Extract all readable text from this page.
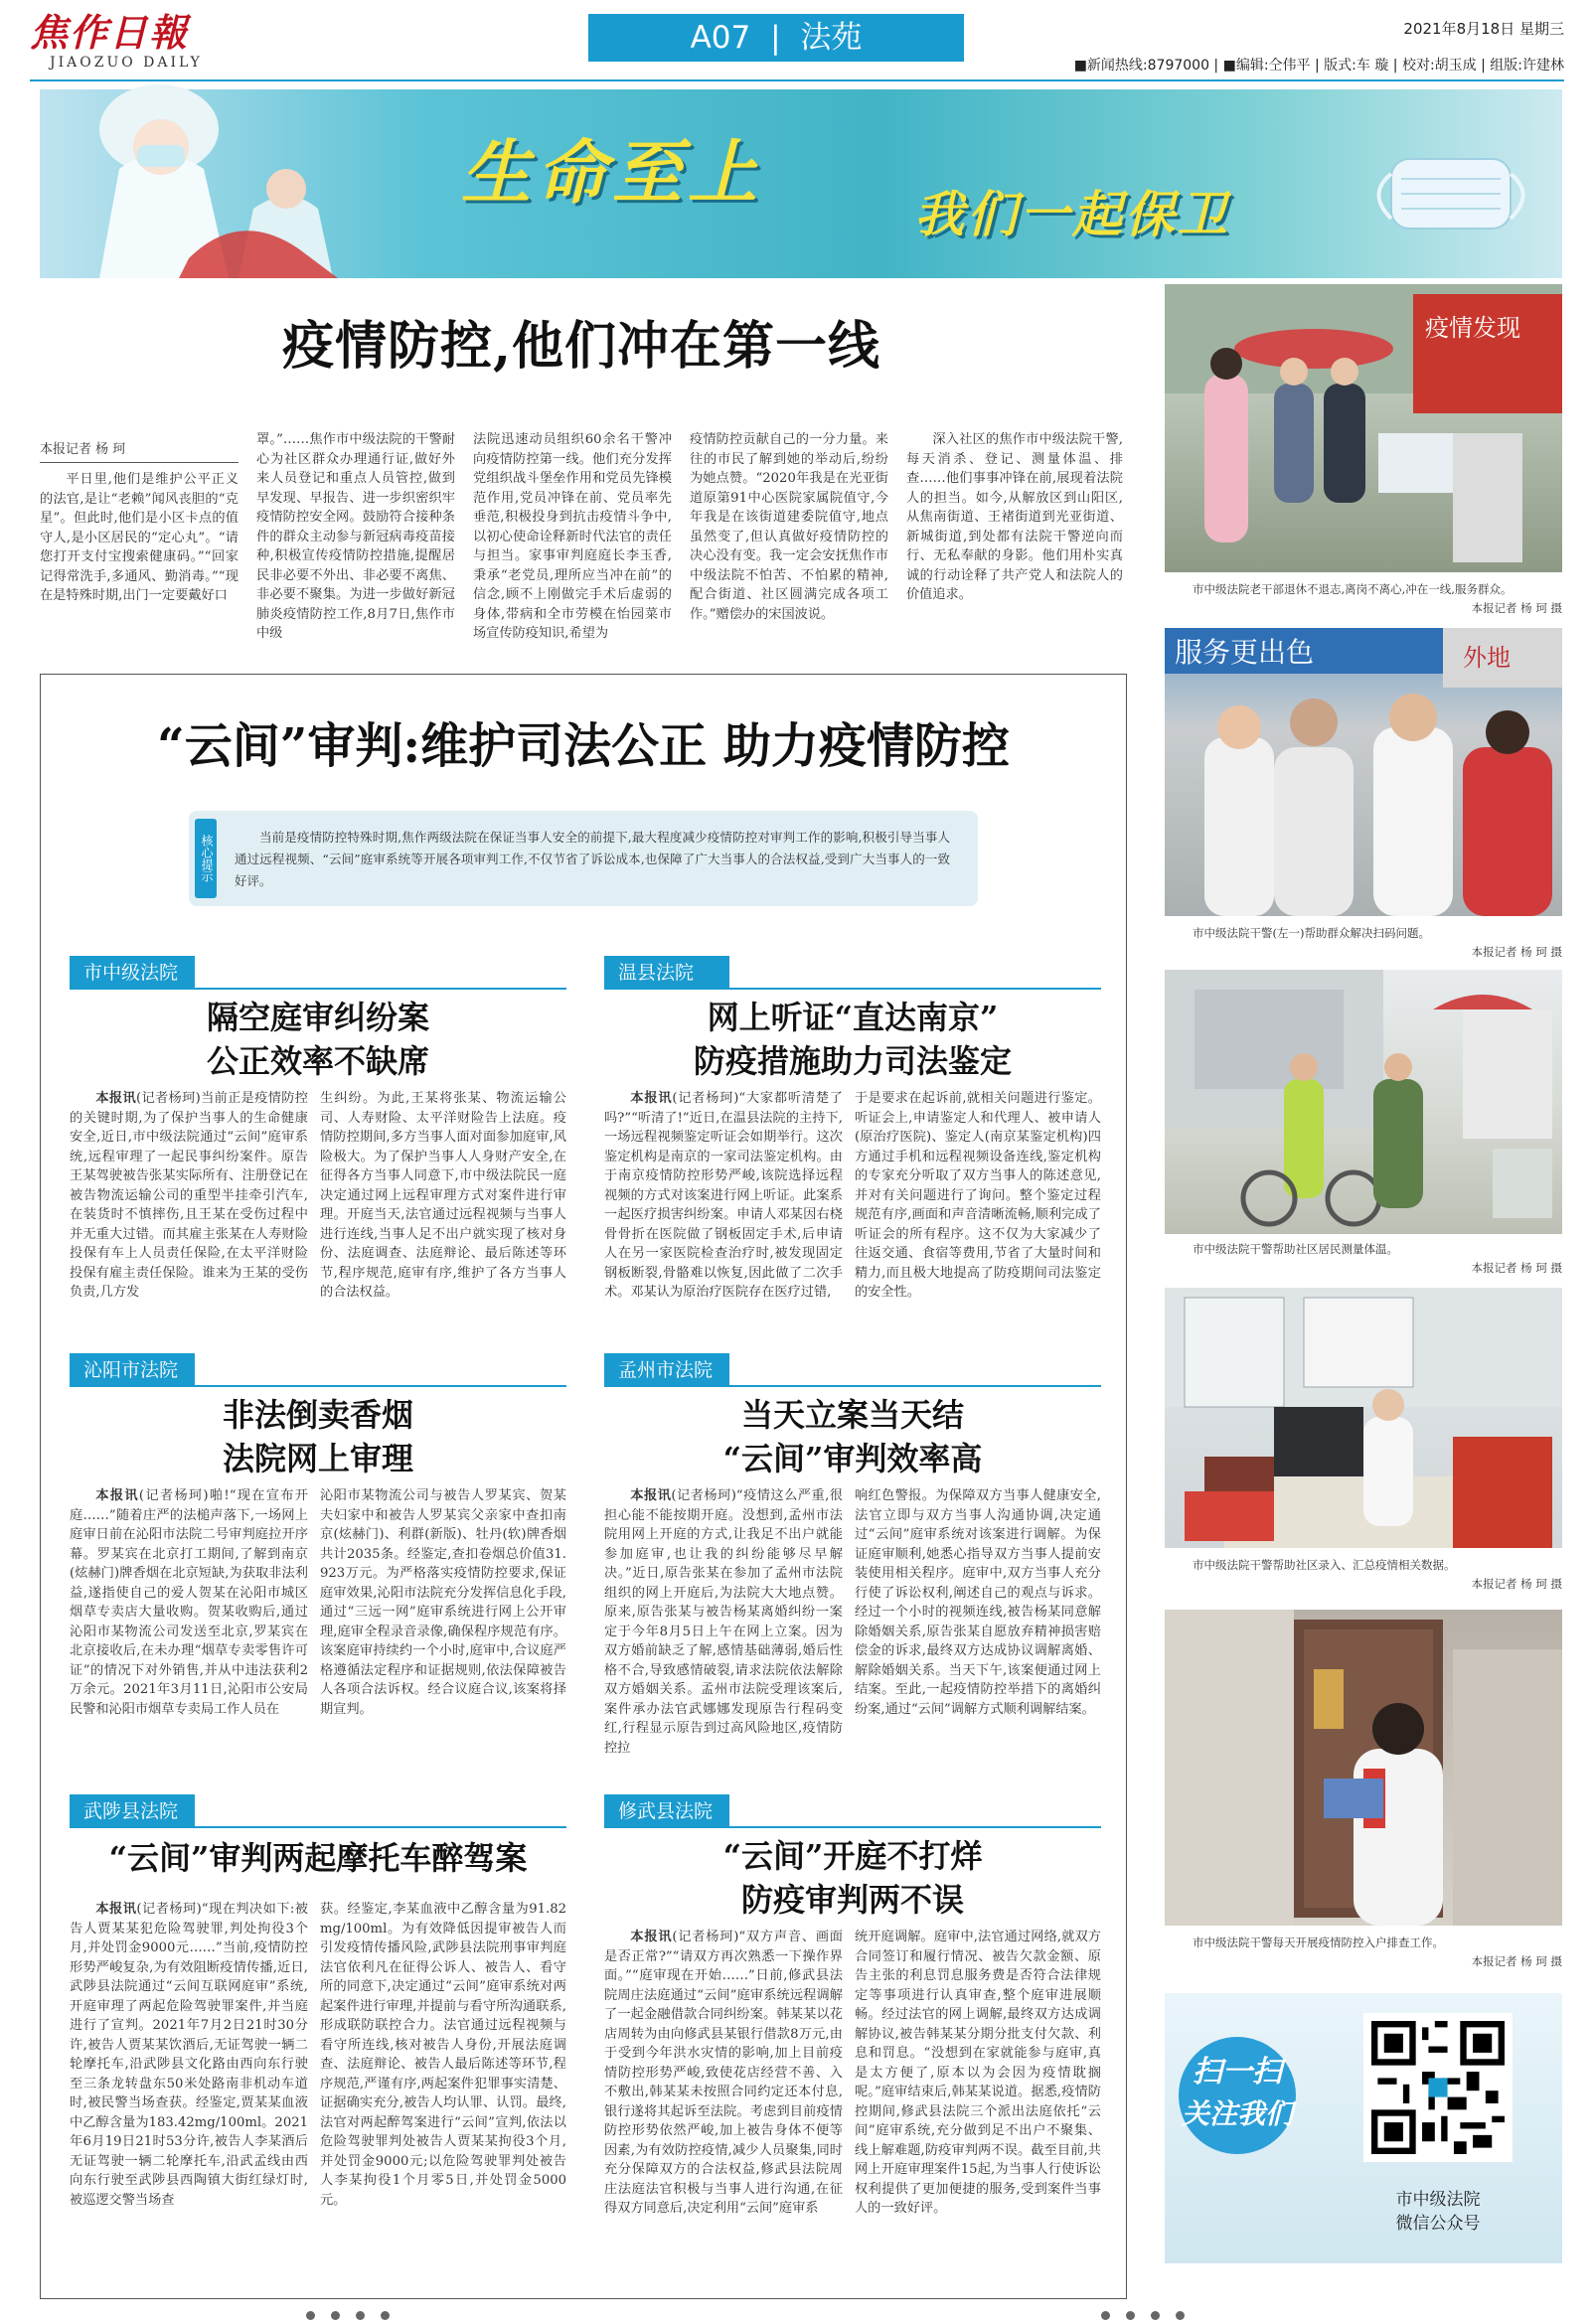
焦作日報
JIAOZUO DAILY
A07 | 法苑	2021年8月18日 星期三
■新闻热线:8797000 | ■编辑:仝伟平 | 版式:车 璇 | 校对:胡玉成 | 组版:许建林
生命至上
我们一起保卫
疫情防控,他们冲在第一线
本报记者 杨 珂
平日里,他们是维护公平正义的法官,是让“老赖”闻风丧胆的“克星”。但此时,他们是小区卡点的值守人,是小区居民的“定心丸”。“请您打开支付宝搜索健康码。”“回家记得常洗手,多通风、勤消毒。”“现在是特殊时期,出门一定要戴好口
罩。”……焦作市中级法院的干警耐心为社区群众办理通行证,做好外来人员登记和重点人员管控,做到早发现、早报告、进一步织密织牢疫情防控安全网。鼓励符合接种条件的群众主动参与新冠病毒疫苗接种,积极宣传疫情防控措施,提醒居民非必要不外出、非必要不离焦、非必要不聚集。为进一步做好新冠肺炎疫情防控工作,8月7日,焦作市中级
法院迅速动员组织60余名干警冲向疫情防控第一线。他们充分发挥党组织战斗堡垒作用和党员先锋模范作用,党员冲锋在前、党员率先垂范,积极投身到抗击疫情斗争中,以初心使命诠释新时代法官的责任与担当。家事审判庭庭长李玉香,秉承“老党员,理所应当冲在前”的信念,顾不上刚做完手术后虚弱的身体,带病和全市劳模在怡园菜市场宣传防疫知识,希望为
疫情防控贡献自己的一分力量。来往的市民了解到她的举动后,纷纷为她点赞。“2020年我是在光亚街道原第91中心医院家属院值守,今年我是在该街道建委院值守,地点虽然变了,但认真做好疫情防控的决心没有变。我一定会安抚焦作市中级法院不怕苦、不怕累的精神,配合街道、社区圆满完成各项工作。”赠偿办的宋国波说。
深入社区的焦作市中级法院干警,每天消杀、登记、测量体温、排查……他们事事冲锋在前,展现着法院人的担当。如今,从解放区到山阳区,从焦南街道、王褚街道到光亚街道、新城街道,到处都有法院干警逆向而行、无私奉献的身影。他们用朴实真诚的行动诠释了共产党人和法院人的价值追求。
“云间”审判:维护司法公正 助力疫情防控
核心提示	当前是疫情防控特殊时期,焦作两级法院在保证当事人安全的前提下,最大程度减少疫情防控对审判工作的影响,积极引导当事人通过远程视频、“云间”庭审系统等开展各项审判工作,不仅节省了诉讼成本,也保障了广大当事人的合法权益,受到广大当事人的一致好评。
市中级法院
隔空庭审纠纷案
公正效率不缺席
本报讯(记者杨珂)当前正是疫情防控的关键时期,为了保护当事人的生命健康安全,近日,市中级法院通过“云间”庭审系统,远程审理了一起民事纠纷案件。原告王某驾驶被告张某实际所有、注册登记在被告物流运输公司的重型半挂牵引汽车,在装货时不慎摔伤,且王某在受伤过程中并无重大过错。而其雇主张某在人寿财险投保有车上人员责任保险,在太平洋财险投保有雇主责任保险。谁来为王某的受伤负责,几方发
生纠纷。为此,王某将张某、物流运输公司、人寿财险、太平洋财险告上法庭。疫情防控期间,多方当事人面对面参加庭审,风险极大。为了保护当事人人身财产安全,在征得各方当事人同意下,市中级法院民一庭决定通过网上远程审理方式对案件进行审理。开庭当天,法官通过远程视频与当事人进行连线,当事人足不出户就实现了核对身份、法庭调查、法庭辩论、最后陈述等环节,程序规范,庭审有序,维护了各方当事人的合法权益。
温县法院
网上听证“直达南京”
防疫措施助力司法鉴定
本报讯(记者杨珂)“大家都听清楚了吗?”“听清了!”近日,在温县法院的主持下,一场远程视频鉴定听证会如期举行。这次鉴定机构是南京的一家司法鉴定机构。由于南京疫情防控形势严峻,该院选择远程视频的方式对该案进行网上听证。此案系一起医疗损害纠纷案。申请人邓某因右桡骨骨折在医院做了钢板固定手术,后申请人在另一家医院检查治疗时,被发现固定钢板断裂,骨骼难以恢复,因此做了二次手术。邓某认为原治疗医院存在医疗过错,
于是要求在起诉前,就相关问题进行鉴定。听证会上,申请鉴定人和代理人、被申请人(原治疗医院)、鉴定人(南京某鉴定机构)四方通过手机和远程视频设备连线,鉴定机构的专家充分听取了双方当事人的陈述意见,并对有关问题进行了询问。整个鉴定过程规范有序,画面和声音清晰流畅,顺利完成了听证会的所有程序。这不仅为大家减少了往返交通、食宿等费用,节省了大量时间和精力,而且极大地提高了防疫期间司法鉴定的安全性。
沁阳市法院
非法倒卖香烟
法院网上审理
本报讯(记者杨珂)啪!“现在宣布开庭……”随着庄严的法槌声落下,一场网上庭审日前在沁阳市法院二号审判庭拉开序幕。罗某宾在北京打工期间,了解到南京(炫赫门)牌香烟在北京短缺,为获取非法利益,遂指使自己的爱人贺某在沁阳市城区烟草专卖店大量收购。贺某收购后,通过沁阳市某物流公司发送至北京,罗某宾在北京接收后,在未办理“烟草专卖零售许可证”的情况下对外销售,并从中违法获利2万余元。2021年3月11日,沁阳市公安局民警和沁阳市烟草专卖局工作人员在
沁阳市某物流公司与被告人罗某宾、贺某夫妇家中和被告人罗某宾父亲家中查扣南京(炫赫门)、利群(新版)、牡丹(软)牌香烟共计2035条。经鉴定,查扣卷烟总价值31.923万元。为严格落实疫情防控要求,保证庭审效果,沁阳市法院充分发挥信息化手段,通过“三远一网”庭审系统进行网上公开审理,庭审全程录音录像,确保程序规范有序。该案庭审持续约一个小时,庭审中,合议庭严格遵循法定程序和证据规则,依法保障被告人各项合法诉权。经合议庭合议,该案将择期宣判。
孟州市法院
当天立案当天结
“云间”审判效率高
本报讯(记者杨珂)“疫情这么严重,很担心能不能按期开庭。没想到,孟州市法院用网上开庭的方式,让我足不出户就能参加庭审,也让我的纠纷能够尽早解决。”近日,原告张某在参加了孟州市法院组织的网上开庭后,为法院大大地点赞。原来,原告张某与被告杨某离婚纠纷一案定于今年8月5日上午在网上立案。因为双方婚前缺乏了解,感情基础薄弱,婚后性格不合,导致感情破裂,请求法院依法解除双方婚姻关系。孟州市法院受理该案后,案件承办法官武娜娜发现原告行程码变红,行程显示原告到过高风险地区,疫情防控拉
响红色警报。为保障双方当事人健康安全,法官立即与双方当事人沟通协调,决定通过“云间”庭审系统对该案进行调解。为保证庭审顺利,她悉心指导双方当事人提前安装使用相关程序。庭审中,双方当事人充分行使了诉讼权利,阐述自己的观点与诉求。经过一个小时的视频连线,被告杨某同意解除婚姻关系,原告张某自愿放弃精神损害赔偿金的诉求,最终双方达成协议调解离婚、解除婚姻关系。当天下午,该案便通过网上结案。至此,一起疫情防控举措下的离婚纠纷案,通过“云间”调解方式顺利调解结案。
武陟县法院
“云间”审判两起摩托车醉驾案
本报讯(记者杨珂)“现在判决如下:被告人贾某某犯危险驾驶罪,判处拘役3个月,并处罚金9000元……”当前,疫情防控形势严峻复杂,为有效阻断疫情传播,近日,武陟县法院通过“云间互联网庭审”系统,开庭审理了两起危险驾驶罪案件,并当庭进行了宣判。2021年7月2日21时30分许,被告人贾某某饮酒后,无证驾驶一辆二轮摩托车,沿武陟县文化路由西向东行驶至三条龙转盘东50米处路南非机动车道时,被民警当场查获。经鉴定,贾某某血液中乙醇含量为183.42mg/100ml。2021年6月19日21时53分许,被告人李某酒后无证驾驶一辆二轮摩托车,沿武孟线由西向东行驶至武陟县西陶镇大街红绿灯时,被巡逻交警当场查
获。经鉴定,李某血液中乙醇含量为91.82mg/100ml。为有效降低因提审被告人而引发疫情传播风险,武陟县法院刑事审判庭法官依利凡在征得公诉人、被告人、看守所的同意下,决定通过“云间”庭审系统对两起案件进行审理,并提前与看守所沟通联系,形成联防联控合力。法官通过远程视频与看守所连线,核对被告人身份,开展法庭调查、法庭辩论、被告人最后陈述等环节,程序规范,严谨有序,两起案件犯罪事实清楚、证据确实充分,被告人均认罪、认罚。最终,法官对两起醉驾案进行“云间”宣判,依法以危险驾驶罪判处被告人贾某某拘役3个月,并处罚金9000元;以危险驾驶罪判处被告人李某拘役1个月零5日,并处罚金5000元。
修武县法院
“云间”开庭不打烊
防疫审判两不误
本报讯(记者杨珂)“双方声音、画面是否正常?”“请双方再次熟悉一下操作界面。”“庭审现在开始……”日前,修武县法院周庄法庭通过“云间”庭审系统远程调解了一起金融借款合同纠纷案。韩某某以花店周转为由向修武县某银行借款8万元,由于受到今年洪水灾情的影响,加上目前疫情防控形势严峻,致使花店经营不善、入不敷出,韩某某未按照合同约定还本付息,银行遂将其起诉至法院。考虑到目前疫情防控形势依然严峻,加上被告身体不便等因素,为有效防控疫情,减少人员聚集,同时充分保障双方的合法权益,修武县法院周庄法庭法官积极与当事人进行沟通,在征得双方同意后,决定利用“云间”庭审系
统开庭调解。庭审中,法官通过网络,就双方合同签订和履行情况、被告欠款金额、原告主张的利息罚息服务费是否符合法律规定等事项进行认真审查,整个庭审进展顺畅。经过法官的网上调解,最终双方达成调解协议,被告韩某某分期分批支付欠款、利息和罚息。“没想到在家就能参与庭审,真是太方便了,原本以为会因为疫情耽搁呢。”庭审结束后,韩某某说道。据悉,疫情防控期间,修武县法院三个派出法庭依托“云间”庭审系统,充分做到足不出户不聚集、线上解难题,防疫审判两不误。截至目前,共网上开庭审理案件15起,为当事人行使诉讼权利提供了更加便捷的服务,受到案件当事人的一致好评。
疫情发现
市中级法院老干部退休不退志,离岗不离心,冲在一线,服务群众。
本报记者 杨 珂 摄
服务更出色	外地
市中级法院干警(左一)帮助群众解决扫码问题。
本报记者 杨 珂 摄
市中级法院干警帮助社区居民测量体温。
本报记者 杨 珂 摄
市中级法院干警帮助社区录入、汇总疫情相关数据。
本报记者 杨 珂 摄
市中级法院干警每天开展疫情防控入户排查工作。
本报记者 杨 珂 摄
扫一扫
关注我们
市中级法院
微信公众号
